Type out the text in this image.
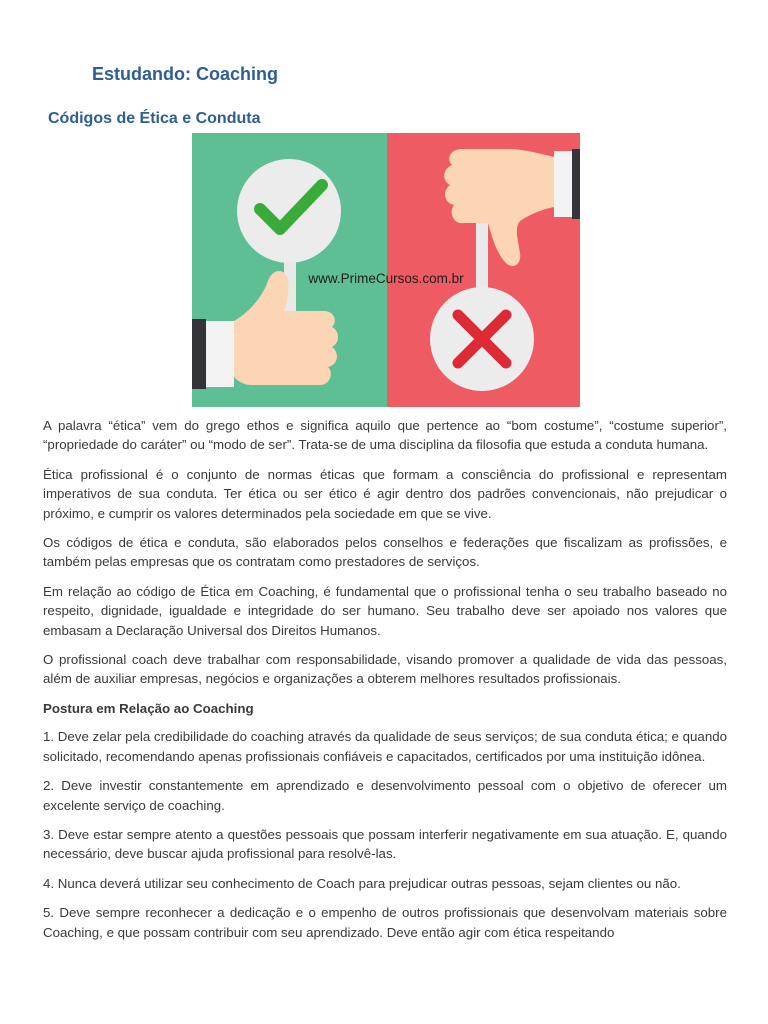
Estudando: Coaching
Códigos de Ética e Conduta
www.PrimeCursos.com.br

A palavra “ética” vem do grego ethos e significa aquilo que pertence ao “bom costume”, “costume superior”, “propriedade do caráter” ou “modo de ser”. Trata-se de uma disciplina da filosofia que estuda a conduta humana.

Ética profissional é o conjunto de normas éticas que formam a consciência do profissional e representam imperativos de sua conduta. Ter ética ou ser ético é agir dentro dos padrões convencionais, não prejudicar o próximo, e cumprir os valores determinados pela sociedade em que se vive.

Os códigos de ética e conduta, são elaborados pelos conselhos e federações que fiscalizam as profissões, e também pelas empresas que os contratam como prestadores de serviços.

Em relação ao código de Ética em Coaching, é fundamental que o profissional tenha o seu trabalho baseado no respeito, dignidade, igualdade e integridade do ser humano. Seu trabalho deve ser apoiado nos valores que embasam a Declaração Universal dos Direitos Humanos.

O profissional coach deve trabalhar com responsabilidade, visando promover a qualidade de vida das pessoas, além de auxiliar empresas, negócios e organizações a obterem melhores resultados profissionais.

Postura em Relação ao Coaching

1. Deve zelar pela credibilidade do coaching através da qualidade de seus serviços; de sua conduta ética; e quando solicitado, recomendando apenas profissionais confiáveis e capacitados, certificados por uma instituição idônea.

2. Deve investir constantemente em aprendizado e desenvolvimento pessoal com o objetivo de oferecer um excelente serviço de coaching.

3. Deve estar sempre atento a questões pessoais que possam interferir negativamente em sua atuação. E, quando necessário, deve buscar ajuda profissional para resolvê-las.

4. Nunca deverá utilizar seu conhecimento de Coach para prejudicar outras pessoas, sejam clientes ou não.

5. Deve sempre reconhecer a dedicação e o empenho de outros profissionais que desenvolvam materiais sobre Coaching, e que possam contribuir com seu aprendizado. Deve então agir com ética respeitando
